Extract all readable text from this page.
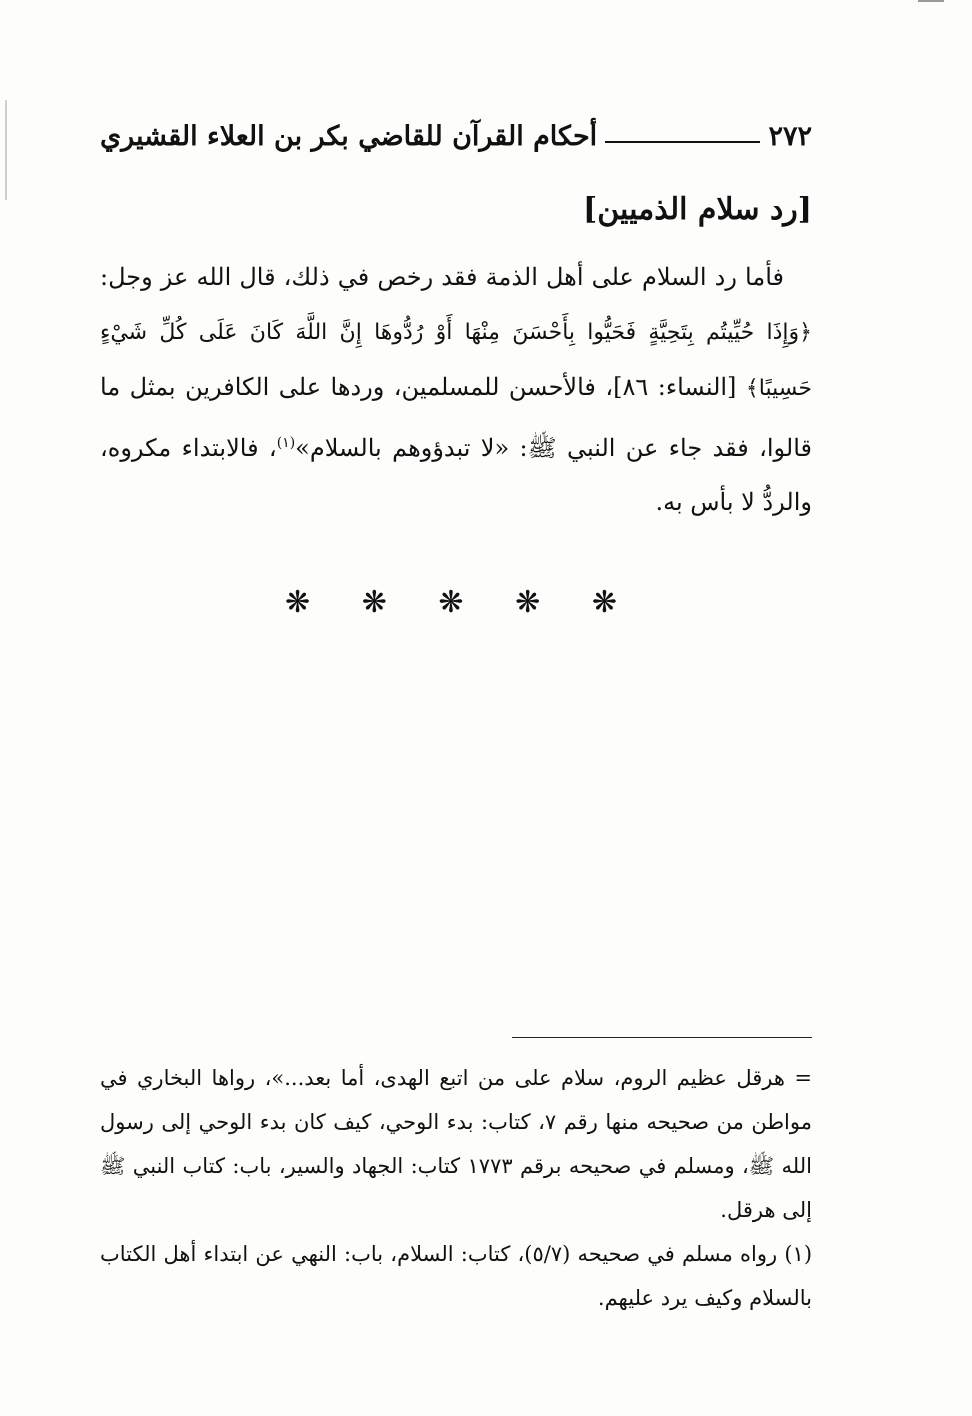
٢٧٢
أحكام القرآن للقاضي بكر بن العلاء القشيري
[رد سلام الذميين]

فأما رد السلام على أهل الذمة فقد رخص في ذلك، قال الله عز وجل: ﴿وَإِذَا حُيِّيتُم بِتَحِيَّةٍ فَحَيُّوا بِأَحْسَنَ مِنْهَا أَوْ رُدُّوهَا إِنَّ اللَّهَ كَانَ عَلَى كُلِّ شَيْءٍ حَسِيبًا﴾ [النساء: ٨٦]، فالأحسن للمسلمين، وردها على الكافرين بمثل ما قالوا، فقد جاء عن النبي ﷺ: «لا تبدؤوهم بالسلام»$^{(١)}$، فالابتداء مكروه، والردُّ لا بأس به.

❋ ❋ ❋ ❋ ❋

= هرقل عظيم الروم، سلام على من اتبع الهدى، أما بعد...»، رواها البخاري في مواطن من صحيحه منها رقم ٧، كتاب: بدء الوحي، كيف كان بدء الوحي إلى رسول الله ﷺ، ومسلم في صحيحه برقم ١٧٧٣ كتاب: الجهاد والسير، باب: كتاب النبي ﷺ إلى هرقل.

(١) رواه مسلم في صحيحه (٥/٧)، كتاب: السلام، باب: النهي عن ابتداء أهل الكتاب بالسلام وكيف يرد عليهم.
